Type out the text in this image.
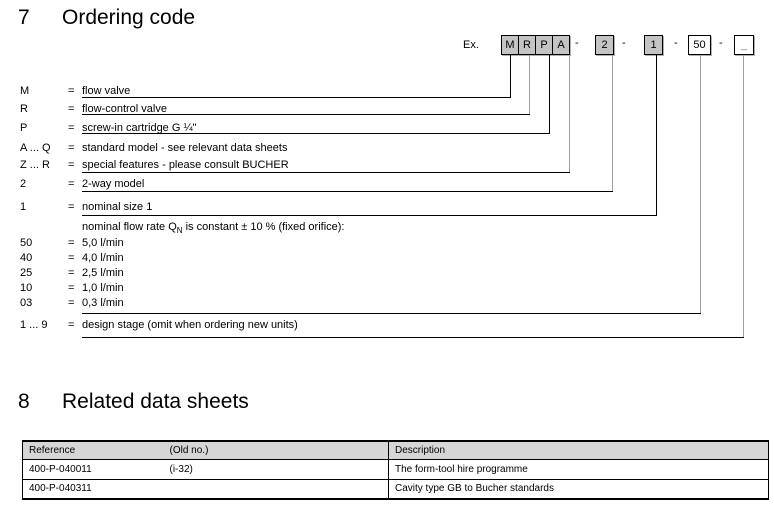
7 Ordering code
Ex.	M R P A -	2	-	1	-	50	-	_
M	= flow valve
R	= flow-control valve
P	= screw-in cartridge G ¼"
A ... Q = standard model - see relevant data sheets
Z ... R = special features - please consult BUCHER
2	= 2-way model
1	= nominal size 1
nominal flow rate $Q_N$ is constant ± 10 % (fixed orifice):
50	= 5,0 l/min
40	= 4,0 l/min
25	= 2,5 l/min
10	= 1,0 l/min
03	= 0,3 l/min
1 ... 9 = design stage (omit when ordering new units)
8 Related data sheets
Reference	(Old no.)	Description
400-P-040011	(i-32)	The form-tool hire programme
400-P-040311		Cavity type GB to Bucher standards
